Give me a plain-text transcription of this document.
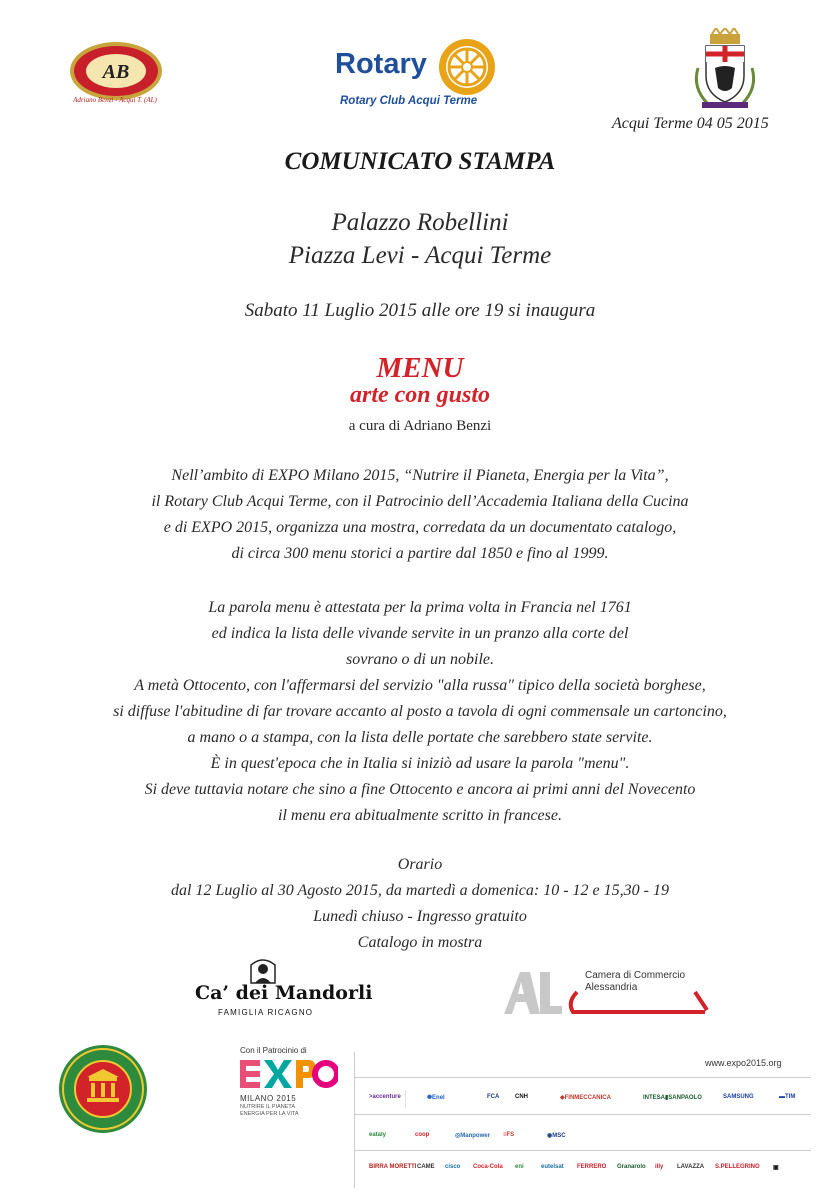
AB
Adriano Benzi - Acqui T. (AL)
Rotary
Rotary Club Acqui Terme
Acqui Terme 04 05 2015
COMUNICATO STAMPA
Palazzo Robellini
Piazza Levi - Acqui Terme
Sabato 11 Luglio 2015 alle ore 19 si inaugura
MENU
arte con gusto
a cura di Adriano Benzi
Nell’ambito di EXPO Milano 2015, “Nutrire il Pianeta, Energia per la Vita”,
il Rotary Club Acqui Terme, con il Patrocinio dell’Accademia Italiana della Cucina
e di EXPO 2015, organizza una mostra, corredata da un documentato catalogo,
di circa 300 menu storici a partire dal 1850 e fino al 1999.
La parola menu è attestata per la prima volta in Francia nel 1761
ed indica la lista delle vivande servite in un pranzo alla corte del
sovrano o di un nobile.
A metà Ottocento, con l'affermarsi del servizio "alla russa" tipico della società borghese,
si diffuse l'abitudine di far trovare accanto al posto a tavola di ogni commensale un cartoncino,
a mano o a stampa, con la lista delle portate che sarebbero state servite.
È in quest'epoca che in Italia si iniziò ad usare la parola "menu".
Si deve tuttavia notare che sino a fine Ottocento e ancora ai primi anni del Novecento
il menu era abitualmente scritto in francese.
Orario
dal 12 Luglio al 30 Agosto 2015, da martedì a domenica: 10 - 12 e 15,30 - 19
Lunedì chiuso - Ingresso gratuito
Catalogo in mostra
Ca’ dei Mandorli
FAMIGLIA RICAGNO
Camera di Commercio
Alessandria
Con il Patrocinio di
MILANO 2015
NUTRIRE IL PIANETA
ENERGIA PER LA VITA
>accenture	✺Enel	FCA	CNH	◆FINMECCANICA	INTESA▮SANPAOLO	SAMSUNG	▬TIM
eataly	coop	◎Manpower ≡FS	◉MSC
BIRRA MORETTI CAME cisco Coca-Cola eni	eutelsat FERRERO Granarolo illy LAVAZZA S.PELLEGRINO ▣
www.expo2015.org
